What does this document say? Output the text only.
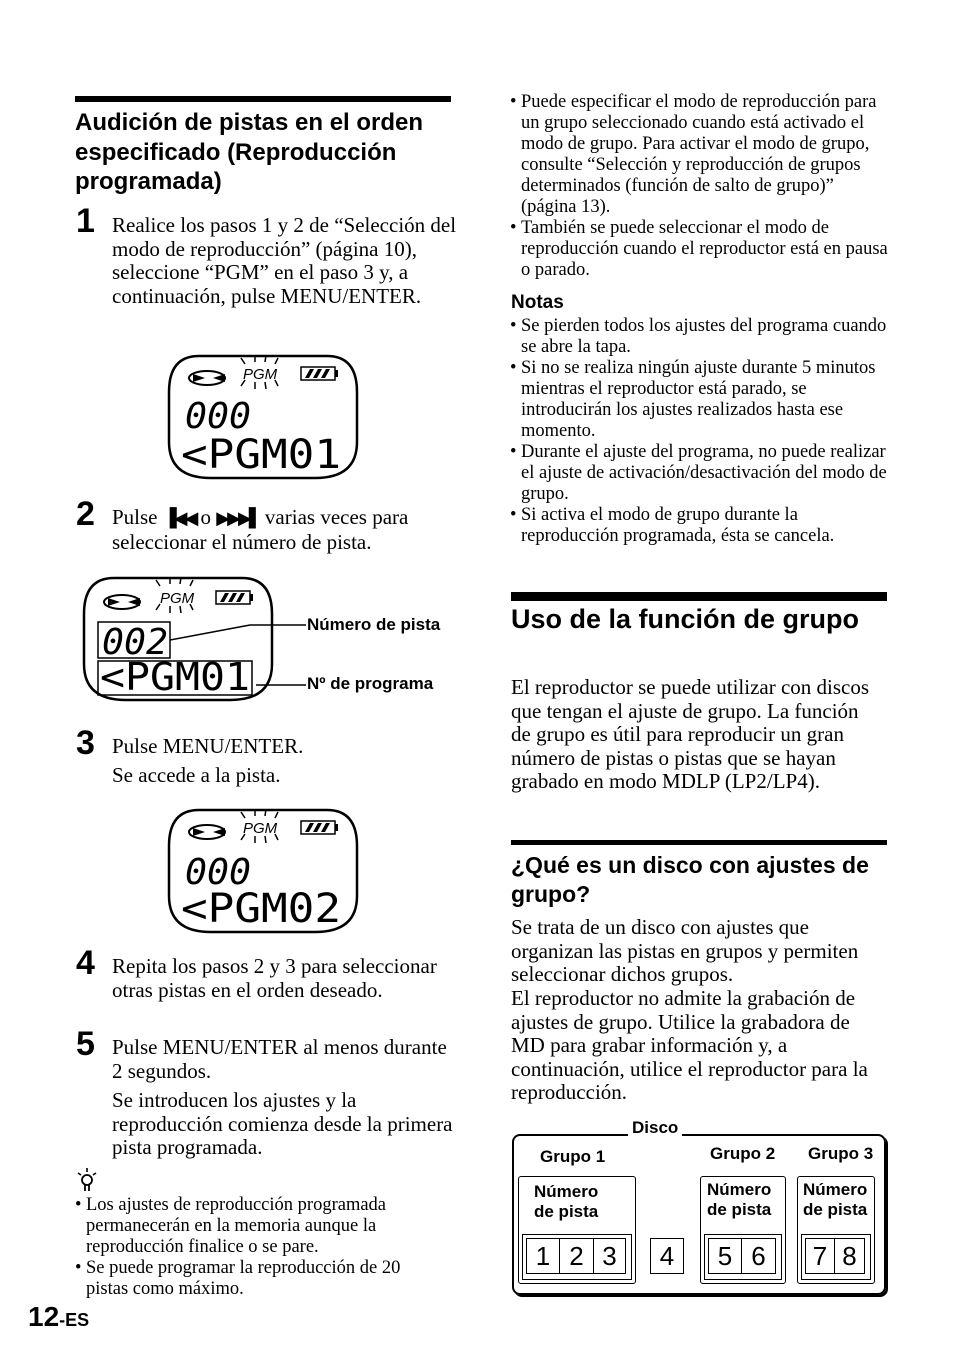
Audición de pistas en el orden especificado (Reproducción programada)
1 Realice los pasos 1 y 2 de “Selección del modo de reproducción” (página 10), seleccione “PGM” en el paso 3 y, a continuación, pulse MENU/ENTER.
PGM
000
<PGM01
2 Pulse ▐◀◀ o ▶▶▶▌ varias veces para seleccionar el número de pista.
PGM
002
<PGM01
Número de pista
Nº de programa
3 Pulse MENU/ENTER.
Se accede a la pista.
PGM
000
<PGM02
4 Repita los pasos 2 y 3 para seleccionar otras pistas en el orden deseado.
5 Pulse MENU/ENTER al menos durante 2 segundos.
Se introducen los ajustes y la reproducción comienza desde la primera pista programada.
• Los ajustes de reproducción programada permanecerán en la memoria aunque la reproducción finalice o se pare.
• Se puede programar la reproducción de 20 pistas como máximo.
12-ES
• Puede especificar el modo de reproducción para un grupo seleccionado cuando está activado el modo de grupo. Para activar el modo de grupo, consulte “Selección y reproducción de grupos determinados (función de salto de grupo)” (página 13).
• También se puede seleccionar el modo de reproducción cuando el reproductor está en pausa o parado.
Notas
• Se pierden todos los ajustes del programa cuando se abre la tapa.
• Si no se realiza ningún ajuste durante 5 minutos mientras el reproductor está parado, se introducirán los ajustes realizados hasta ese momento.
• Durante el ajuste del programa, no puede realizar el ajuste de activación/desactivación del modo de grupo.
• Si activa el modo de grupo durante la reproducción programada, ésta se cancela.
Uso de la función de grupo
El reproductor se puede utilizar con discos que tengan el ajuste de grupo. La función de grupo es útil para reproducir un gran número de pistas o pistas que se hayan grabado en modo MDLP (LP2/LP4).
¿Qué es un disco con ajustes de grupo?
Se trata de un disco con ajustes que organizan las pistas en grupos y permiten seleccionar dichos grupos.
El reproductor no admite la grabación de ajustes de grupo. Utilice la grabadora de MD para grabar información y, a continuación, utilice el reproductor para la reproducción.
Disco
Grupo 1
Número
de pista
1 2 3	4
Grupo 2
Número
de pista
5 6
Grupo 3
Número
de pista
7 8
